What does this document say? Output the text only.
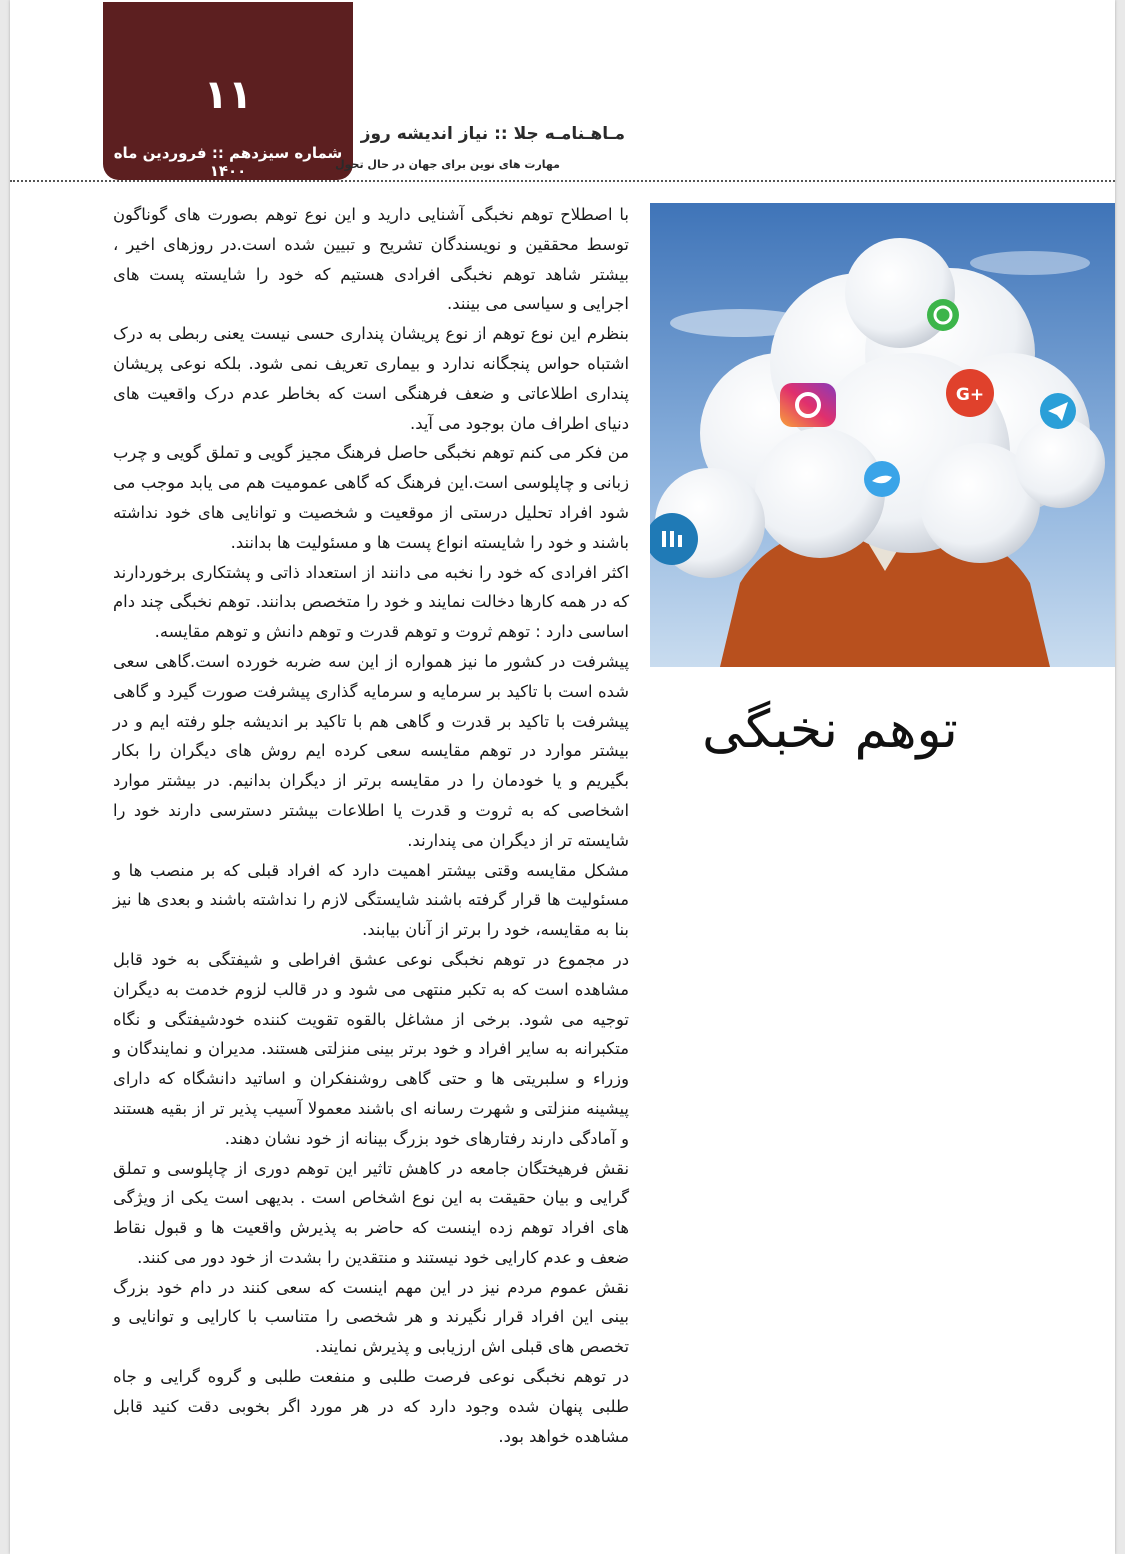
۱۱
شماره سیزدهم :: فروردین ماه ۱۴۰۰
مـاهـنامـه جلا :: نیاز اندیشه روز
مهارت های نوین برای جهان در حال تحول
G+
توهم نخبگی

با اصطلاح توهم نخبگی آشنایی دارید و این نوع توهم بصورت های گوناگون توسط محققین و نویسندگان تشریح و تبیین شده است.در روزهای اخیر ، بیشتر شاهد توهم نخبگی افرادی هستیم که خود را شایسته پست های اجرایی و سیاسی می بینند.

بنظرم این نوع توهم از نوع پریشان پنداری حسی نیست یعنی ربطی به درک اشتباه حواس پنجگانه ندارد و بیماری تعریف نمی شود. بلکه نوعی پریشان پنداری اطلاعاتی و ضعف فرهنگی است که بخاطر عدم درک واقعیت های دنیای اطراف مان بوجود می آید.

من فکر می کنم توهم نخبگی حاصل فرهنگ مجیز گویی و تملق گویی و چرب زبانی و چاپلوسی است.این فرهنگ که گاهی عمومیت هم می یابد موجب می شود افراد تحلیل درستی از موقعیت و شخصیت و توانایی های خود نداشته باشند و خود را شایسته انواع پست ها و مسئولیت ها بدانند.

اکثر افرادی که خود را نخبه می دانند از استعداد ذاتی و پشتکاری برخوردارند که در همه کارها دخالت نمایند و خود را متخصص بدانند. توهم نخبگی چند دام اساسی دارد : توهم ثروت و توهم قدرت و توهم دانش و توهم مقایسه.

پیشرفت در کشور ما نیز همواره از این سه ضربه خورده است.گاهی سعی شده است با تاکید بر سرمایه و سرمایه گذاری پیشرفت صورت گیرد و گاهی پیشرفت با تاکید بر قدرت و گاهی هم با تاکید بر اندیشه جلو رفته ایم و در بیشتر موارد در توهم مقایسه سعی کرده ایم روش های دیگران را بکار بگیریم و یا خودمان را در مقایسه برتر از دیگران بدانیم. در بیشتر موارد اشخاصی که به ثروت و قدرت یا اطلاعات بیشتر دسترسی دارند خود را شایسته تر از دیگران می پندارند.

مشکل مقایسه وقتی بیشتر اهمیت دارد که افراد قبلی که بر منصب ها و مسئولیت ها قرار گرفته باشند شایستگی لازم را نداشته باشند و بعدی ها نیز بنا به مقایسه، خود را برتر از آنان بیابند.

در مجموع در توهم نخبگی نوعی عشق افراطی و شیفتگی به خود قابل مشاهده است که به تکبر منتهی می شود و در قالب لزوم خدمت به دیگران توجیه می شود. برخی از مشاغل بالقوه تقویت کننده خودشیفتگی و نگاه متکبرانه به سایر افراد و خود برتر بینی منزلتی هستند. مدیران و نمایندگان و وزراء و سلبریتی ها و حتی گاهی روشنفکران و اساتید دانشگاه که دارای پیشینه منزلتی و شهرت رسانه ای باشند معمولا آسیب پذیر تر از بقیه هستند و آمادگی دارند رفتارهای خود بزرگ بینانه از خود نشان دهند.

نقش فرهیختگان جامعه در کاهش تاثیر این توهم دوری از چاپلوسی و تملق گرایی و بیان حقیقت به این نوع اشخاص است . بدیهی است یکی از ویژگی های افراد توهم زده اینست که حاضر به پذیرش واقعیت ها و قبول نقاط ضعف و عدم کارایی خود نیستند و منتقدین را بشدت از خود دور می کنند.

نقش عموم مردم نیز در این مهم اینست که سعی کنند در دام خود بزرگ بینی این افراد قرار نگیرند و هر شخصی را متناسب با کارایی و توانایی و تخصص های قبلی اش ارزیابی و پذیرش نمایند.

در توهم نخبگی نوعی فرصت طلبی و منفعت طلبی و گروه گرایی و جاه طلبی پنهان شده وجود دارد که در هر مورد اگر بخوبی دقت کنید قابل مشاهده خواهد بود.
